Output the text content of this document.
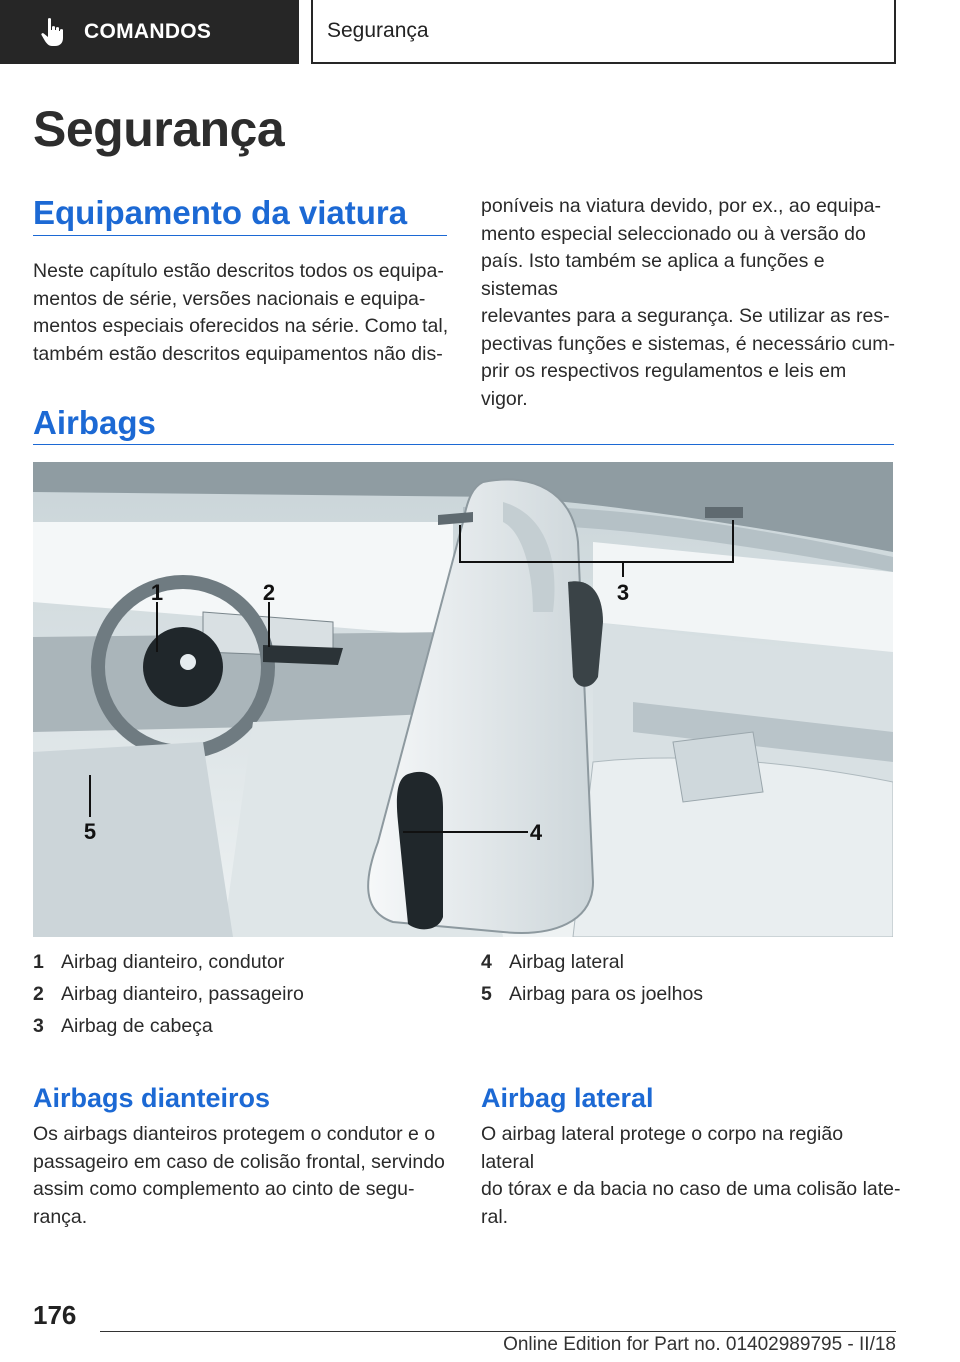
COMANDOS	Segurança
Segurança
Equipamento da viatura
Neste capítulo estão descritos todos os equipa-
mentos de série, versões nacionais e equipa-
mentos especiais oferecidos na série. Como tal,
também estão descritos equipamentos não dis-
poníveis na viatura devido, por ex., ao equipa-
mento especial seleccionado ou à versão do
país. Isto também se aplica a funções e sistemas
relevantes para a segurança. Se utilizar as res-
pectivas funções e sistemas, é necessário cum-
prir os respectivos regulamentos e leis em vigor.
Airbags
1	2	3
4
5
1 Airbag dianteiro, condutor
2 Airbag dianteiro, passageiro
3 Airbag de cabeça
4 Airbag lateral
5 Airbag para os joelhos
Airbags dianteiros
Os airbags dianteiros protegem o condutor e o
passageiro em caso de colisão frontal, servindo
assim como complemento ao cinto de segu-
rança.
Airbag lateral
O airbag lateral protege o corpo na região lateral
do tórax e da bacia no caso de uma colisão late-
ral.
176
Online Edition for Part no. 01402989795 - II/18
